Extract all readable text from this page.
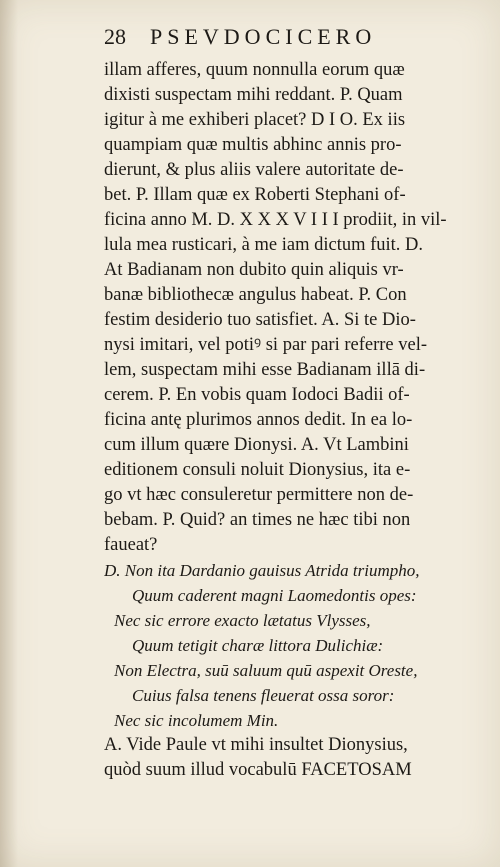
28	PSEVDOCICERO
illam afferes, quum nonnulla eorum quæ
dixisti suspectam mihi reddant. P. Quam
igitur à me exhiberi placet? D I O. Ex iis
quampiam quæ multis abhinc annis pro-
dierunt, & plus aliis valere autoritate de-
bet. P. Illam quæ ex Roberti Stephani of-
ficina anno M. D. X X X V I I I prodiit, in vil-
lula mea rusticari, à me iam dictum fuit. D.
At Badianam non dubito quin aliquis vr-
banæ bibliothecæ angulus habeat. P. Con
festim desiderio tuo satisfiet. A. Si te Dio-
nysi imitari, vel potiꝰ si par pari referre vel-
lem, suspectam mihi esse Badianam illā di-
cerem. P. En vobis quam Iodoci Badii of-
ficina antę plurimos annos dedit. In ea lo-
cum illum quære Dionysi. A. Vt Lambini
editionem consuli noluit Dionysius, ita e-
go vt hæc consuleretur permittere non de-
bebam. P. Quid? an times ne hæc tibi non
faueat?
D. Non ita Dardanio gauisus Atrida triumpho,
Quum caderent magni Laomedontis opes:
Nec sic errore exacto lætatus Vlysses,
Quum tetigit charæ littora Dulichiæ:
Non Electra, suū saluum quū aspexit Oreste,
Cuius falsa tenens fleuerat ossa soror:
Nec sic incolumem Min.
A. Vide Paule vt mihi insultet Dionysius,
quòd suum illud vocabulū FACETOSAM
